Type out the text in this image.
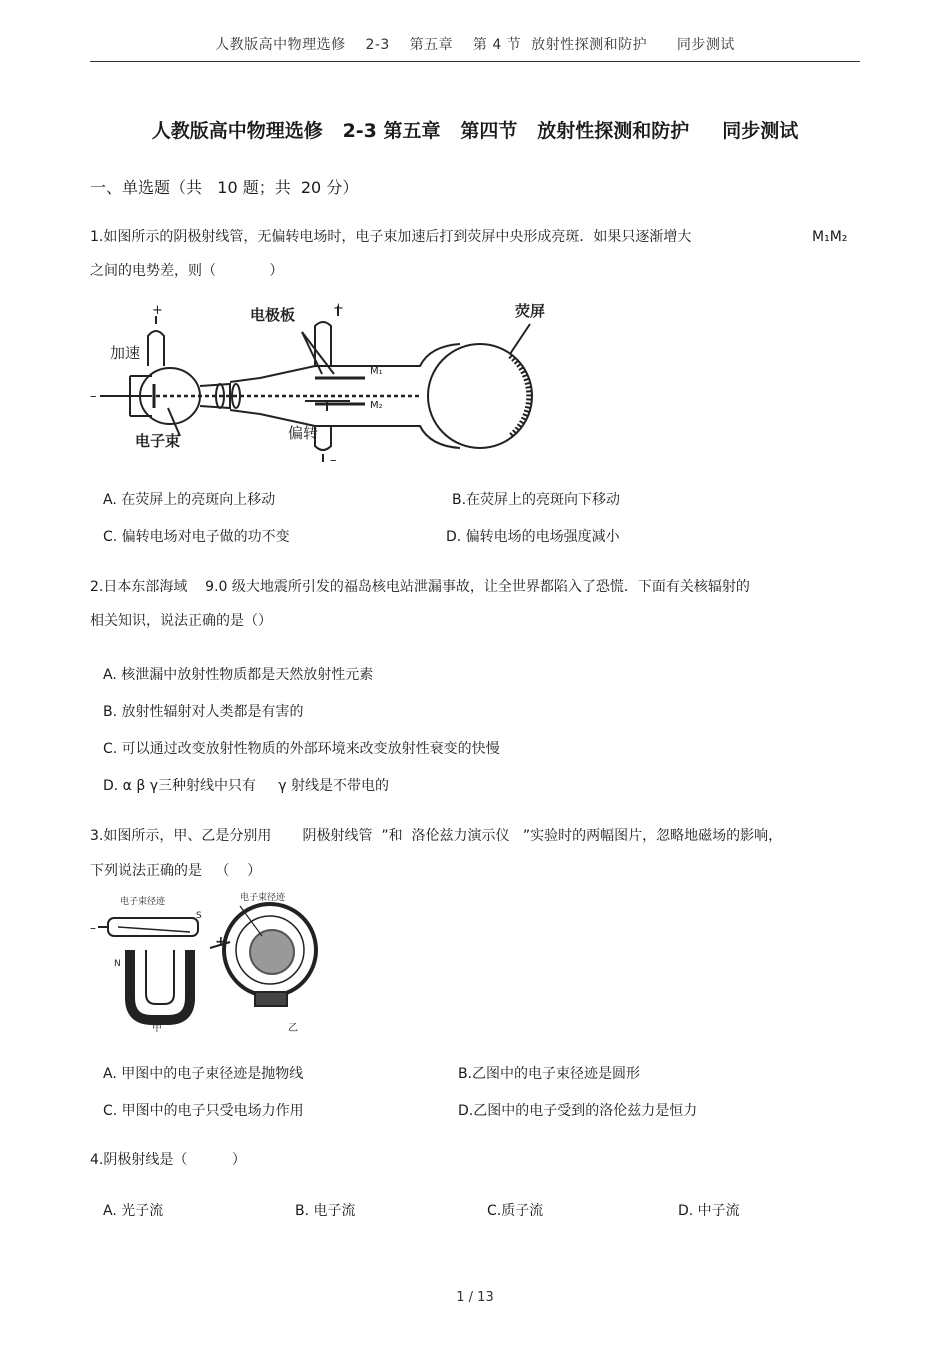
人教版高中物理选修    2-3    第五章    第 4 节  放射性探测和防护      同步测试
人教版高中物理选修   2-3 第五章   第四节   放射性探测和防护     同步测试
一、单选题（共   10 题；共  20 分）
1.如图所示的阴极射线管，无偏转电场时，电子束加速后打到荧屏中央形成亮斑．如果只逐渐增大	M₁M₂
之间的电势差，则（            ）
加速
电极板	荧屏
电子束	偏转
M₁
M₂
+	+
–
–
A. 在荧屏上的亮斑向上移动	B.在荧屏上的亮斑向下移动
C. 偏转电场对电子做的功不变	D. 偏转电场的电场强度减小
2.日本东部海域    9.0 级大地震所引发的福岛核电站泄漏事故，让全世界都陷入了恐慌．下面有关核辐射的
相关知识，说法正确的是（）
A. 核泄漏中放射性物质都是天然放射性元素
B. 放射性辐射对人类都是有害的
C. 可以通过改变放射性物质的外部环境来改变放射性衰变的快慢
D. α β γ三种射线中只有     γ 射线是不带电的
3.如图所示，甲、乙是分别用       阴极射线管  ”和  洛伦兹力演示仪   ”实验时的两幅图片，忽略地磁场的影响，
下列说法正确的是   （    ）
–
+
N
S
电子束径迹	电子束径迹
甲	乙
A. 甲图中的电子束径迹是抛物线	B.乙图中的电子束径迹是圆形
C. 甲图中的电子只受电场力作用	D.乙图中的电子受到的洛伦兹力是恒力
4.阴极射线是（          ）
A. 光子流	B. 电子流	C.质子流	D. 中子流
1 / 13
